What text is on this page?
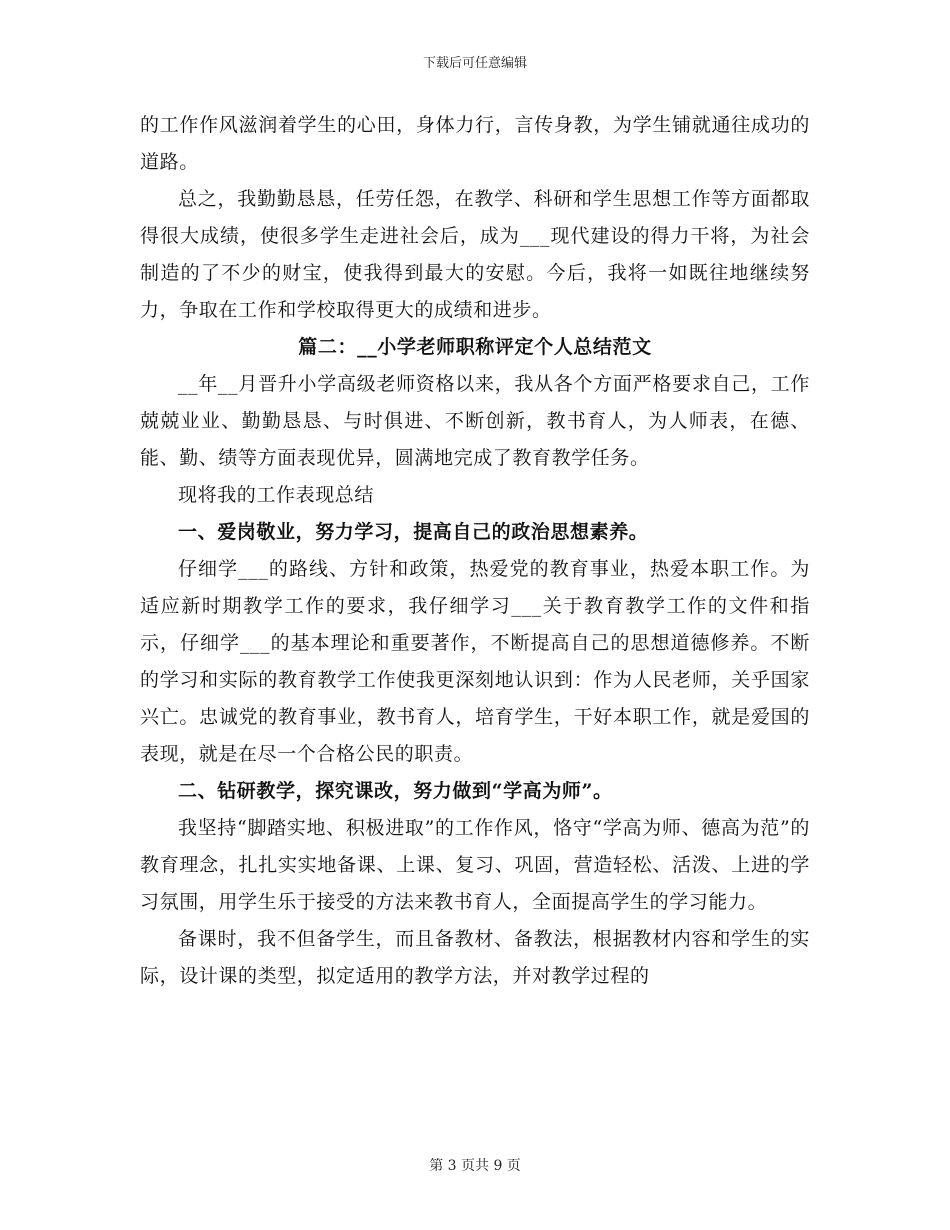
下载后可任意编辑

的工作作风滋润着学生的心田，身体力行，言传身教，为学生铺就通往成功的道路。

总之，我勤勤恳恳，任劳任怨，在教学、科研和学生思想工作等方面都取得很大成绩，使很多学生走进社会后，成为___现代建设的得力干将，为社会制造的了不少的财宝，使我得到最大的安慰。今后，我将一如既往地继续努力，争取在工作和学校取得更大的成绩和进步。

篇二：__小学老师职称评定个人总结范文

__年__月晋升小学高级老师资格以来，我从各个方面严格要求自己，工作兢兢业业、勤勤恳恳、与时俱进、不断创新，教书育人，为人师表，在德、能、勤、绩等方面表现优异，圆满地完成了教育教学任务。

现将我的工作表现总结

一、爱岗敬业，努力学习，提高自己的政治思想素养。

仔细学___的路线、方针和政策，热爱党的教育事业，热爱本职工作。为适应新时期教学工作的要求，我仔细学习___关于教育教学工作的文件和指示，仔细学___的基本理论和重要著作，不断提高自己的思想道德修养。不断的学习和实际的教育教学工作使我更深刻地认识到：作为人民老师，关乎国家兴亡。忠诚党的教育事业，教书育人，培育学生，干好本职工作，就是爱国的表现，就是在尽一个合格公民的职责。

二、钻研教学，探究课改，努力做到“学高为师”。

我坚持“脚踏实地、积极进取”的工作作风，恪守“学高为师、德高为范”的教育理念，扎扎实实地备课、上课、复习、巩固，营造轻松、活泼、上进的学习氛围，用学生乐于接受的方法来教书育人，全面提高学生的学习能力。

备课时，我不但备学生，而且备教材、备教法，根据教材内容和学生的实际，设计课的类型，拟定适用的教学方法，并对教学过程的

第 3 页共 9 页
